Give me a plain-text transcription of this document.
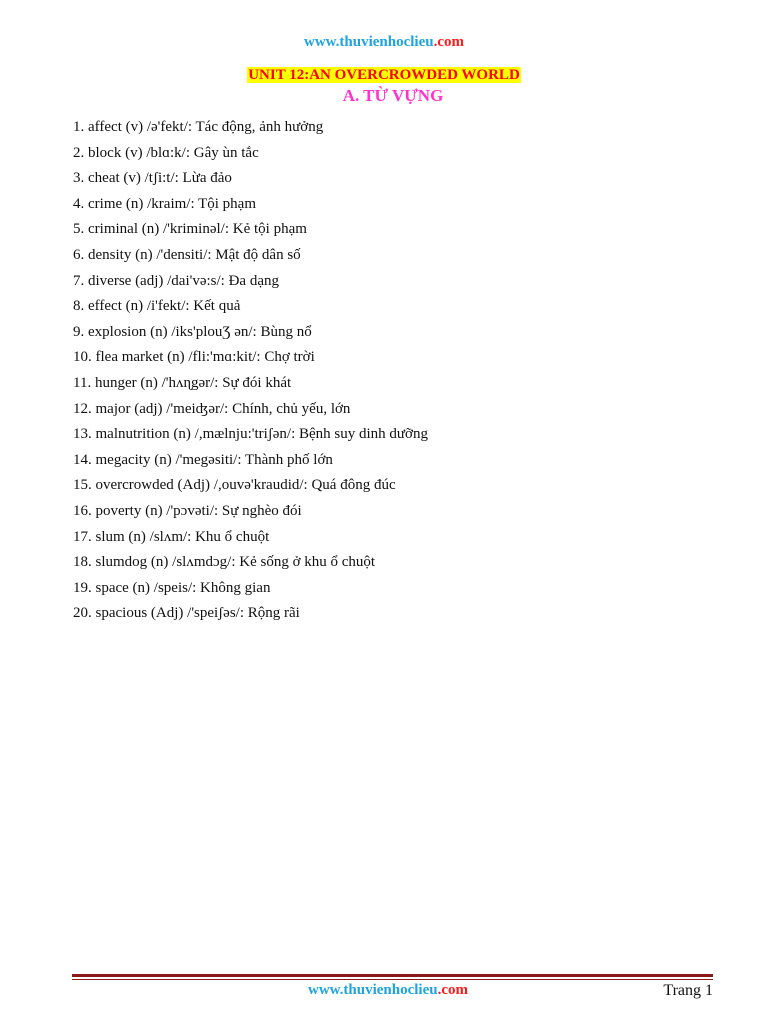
www.thuvienhoclieu.com
UNIT 12:AN OVERCROWDED WORLD
A. TỪ VỰNG
1. affect (v) /ə'fekt/: Tác động, ảnh hưởng
2. block (v) /blɑ:k/: Gây ùn tắc
3. cheat (v) /tʃi:t/: Lừa đảo
4. crime (n) /kraim/: Tội phạm
5. criminal (n) /'kriminəl/: Kẻ tội phạm
6. density (n) /'densiti/: Mật độ dân số
7. diverse (adj) /dai'və:s/: Đa dạng
8. effect (n) /i'fekt/: Kết quả
9. explosion (n) /iks'plouƷ ən/: Bùng nổ
10. flea market (n) /fli:'mɑ:kit/: Chợ trời
11. hunger (n) /'hʌɳgər/: Sự đói khát
12. major (adj) /'meiʤər/: Chính, chủ yếu, lớn
13. malnutrition (n) /,mælnju:'triʃən/: Bệnh suy dinh dưỡng
14. megacity (n) /'megəsiti/: Thành phố lớn
15. overcrowded (Adj) /,ouvə'kraudid/: Quá đông đúc
16. poverty (n) /'pɔvəti/: Sự nghèo đói
17. slum (n) /slʌm/: Khu ổ chuột
18. slumdog (n) /slʌmdɔg/: Kẻ sống ở khu ổ chuột
19. space (n) /speis/: Không gian
20. spacious (Adj) /'speiʃəs/: Rộng rãi
www.thuvienhoclieu.com	Trang 1
